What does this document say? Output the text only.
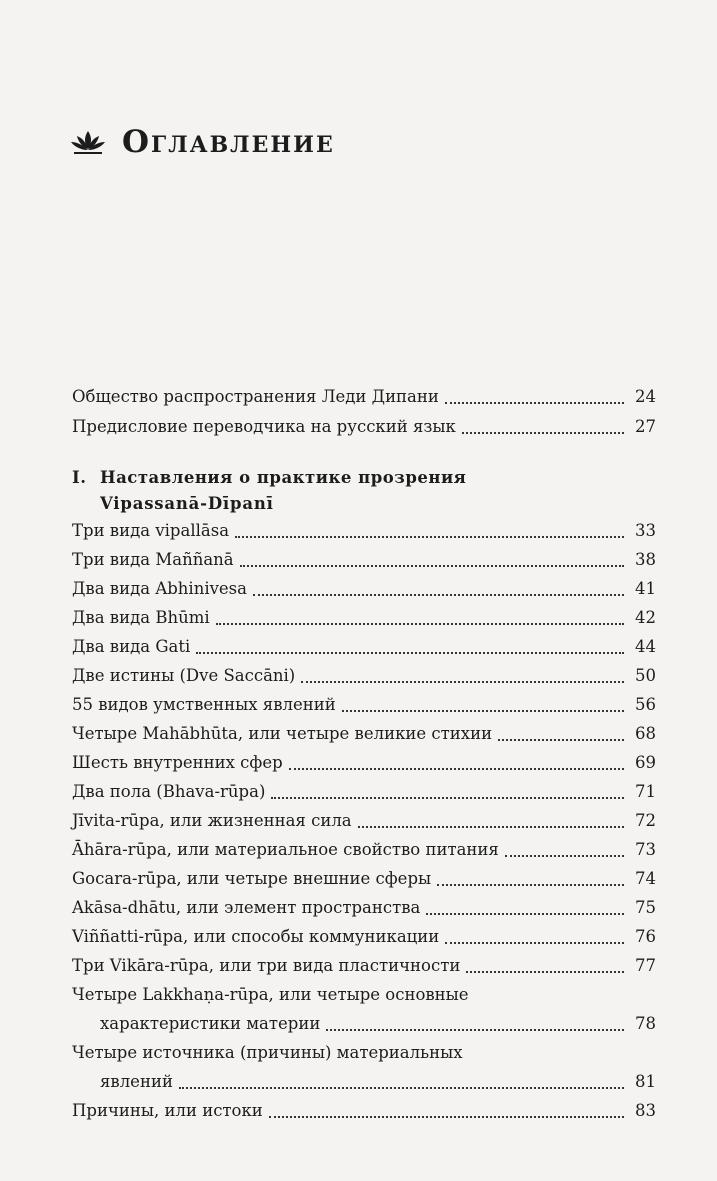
Оглавление
Общество распространения Леди Дипани	24
Предисловие переводчика на русский язык	27
I. Наставления о практике прозрения
Vipassanā-Dīpanī
Три вида vipallāsa	33
Три вида Maññanā	38
Два вида Abhinivesa	41
Два вида Bhūmi	42
Два вида Gati	44
Две истины (Dve Saccāni)	50
55 видов умственных явлений	56
Четыре Mahābhūta, или четыре великие стихии	68
Шесть внутренних сфер	69
Два пола (Bhava-rūpa)	71
Jīvita-rūpa, или жизненная сила	72
Āhāra-rūpa, или материальное свойство питания	73
Gocara-rūpa, или четыре внешние сферы	74
Akāsa-dhātu, или элемент пространства	75
Viññatti-rūpa, или способы коммуникации	76
Три Vikāra-rūpa, или три вида пластичности	77
Четыре Lakkhaṇa-rūpa, или четыре основные
характеристики материи	78
Четыре источника (причины) материальных
явлений	81
Причины, или истоки	83
